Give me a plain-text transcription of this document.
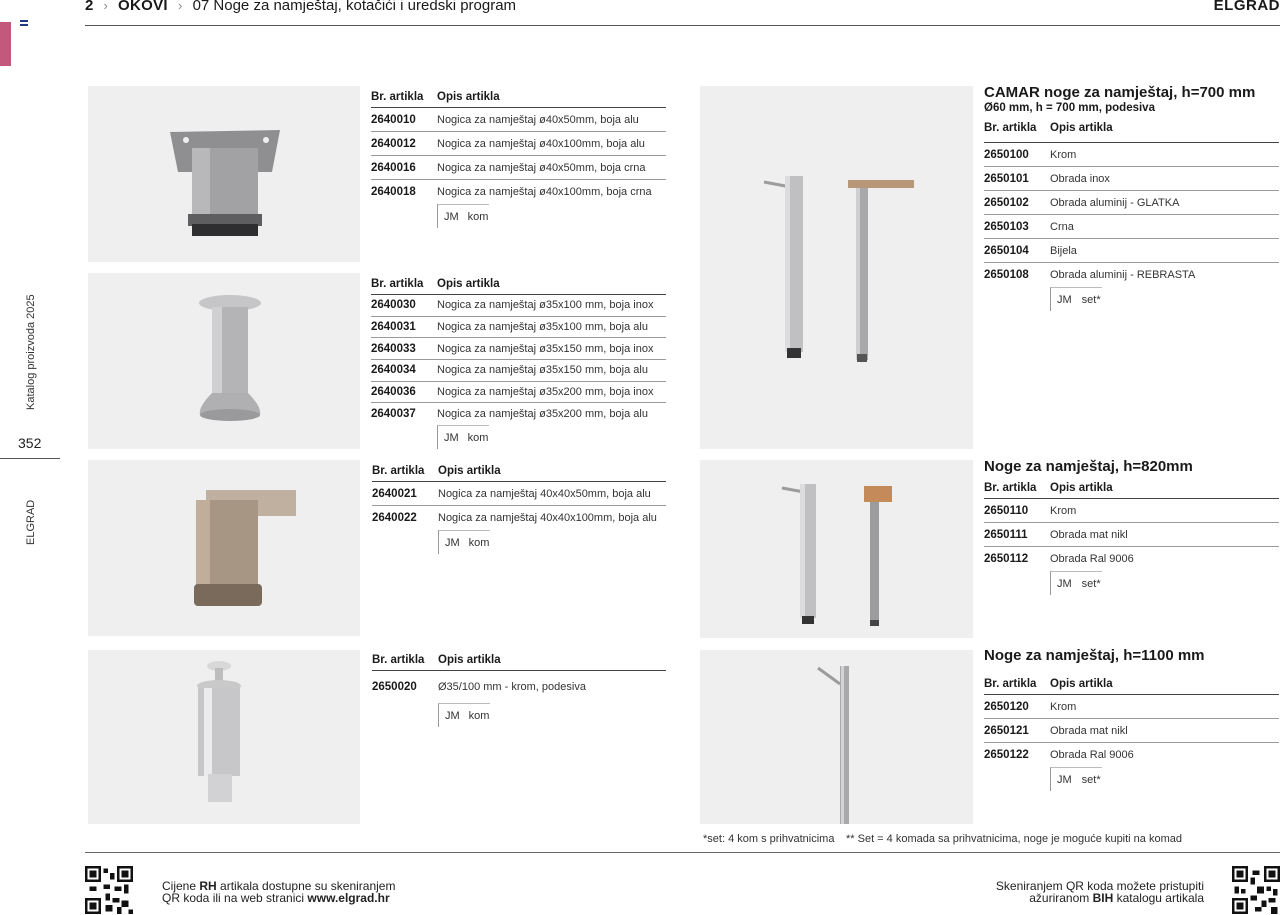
2 › OKOVI › 07 Noge za namještaj, kotačići i uredski program	ELGRAD
Katalog proizvoda 2025
352
ELGRAD
Br. artikla	Opis artikla
2640010	Nogica za namještaj ø40x50mm, boja alu
2640012	Nogica za namještaj ø40x100mm, boja alu
2640016	Nogica za namještaj ø40x50mm, boja crna
2640018	Nogica za namještaj ø40x100mm, boja crna
JM kom
Br. artikla	Opis artikla
2640030	Nogica za namještaj ø35x100 mm, boja inox
2640031	Nogica za namještaj ø35x100 mm, boja alu
2640033	Nogica za namještaj ø35x150 mm, boja inox
2640034	Nogica za namještaj ø35x150 mm, boja alu
2640036	Nogica za namještaj ø35x200 mm, boja inox
2640037	Nogica za namještaj ø35x200 mm, boja alu
JM kom
Br. artikla	Opis artikla
2640021	Nogica za namještaj 40x40x50mm, boja alu
2640022	Nogica za namještaj 40x40x100mm, boja alu
JM kom
Br. artikla	Opis artikla
2650020	Ø35/100 mm - krom, podesiva
JM kom
CAMAR noge za namještaj, h=700 mm
Ø60 mm, h = 700 mm, podesiva
Br. artikla	Opis artikla
2650100	Krom
2650101	Obrada inox
2650102	Obrada aluminij - GLATKA
2650103	Crna
2650104	Bijela
2650108	Obrada aluminij - REBRASTA
JM set*
Noge za namještaj, h=820mm
Br. artikla	Opis artikla
2650110	Krom
2650111	Obrada mat nikl
2650112	Obrada Ral 9006
JM set*
Noge za namještaj, h=1100 mm
Br. artikla	Opis artikla
2650120	Krom
2650121	Obrada mat nikl
2650122	Obrada Ral 9006
JM set*
*set: 4 kom s prihvatnicima ** Set = 4 komada sa prihvatnicima, noge je moguće kupiti na komad
Cijene RH artikala dostupne su skeniranjem
QR koda ili na web stranici www.elgrad.hr
Skeniranjem QR koda možete pristupiti
ažuriranom BIH katalogu artikala
